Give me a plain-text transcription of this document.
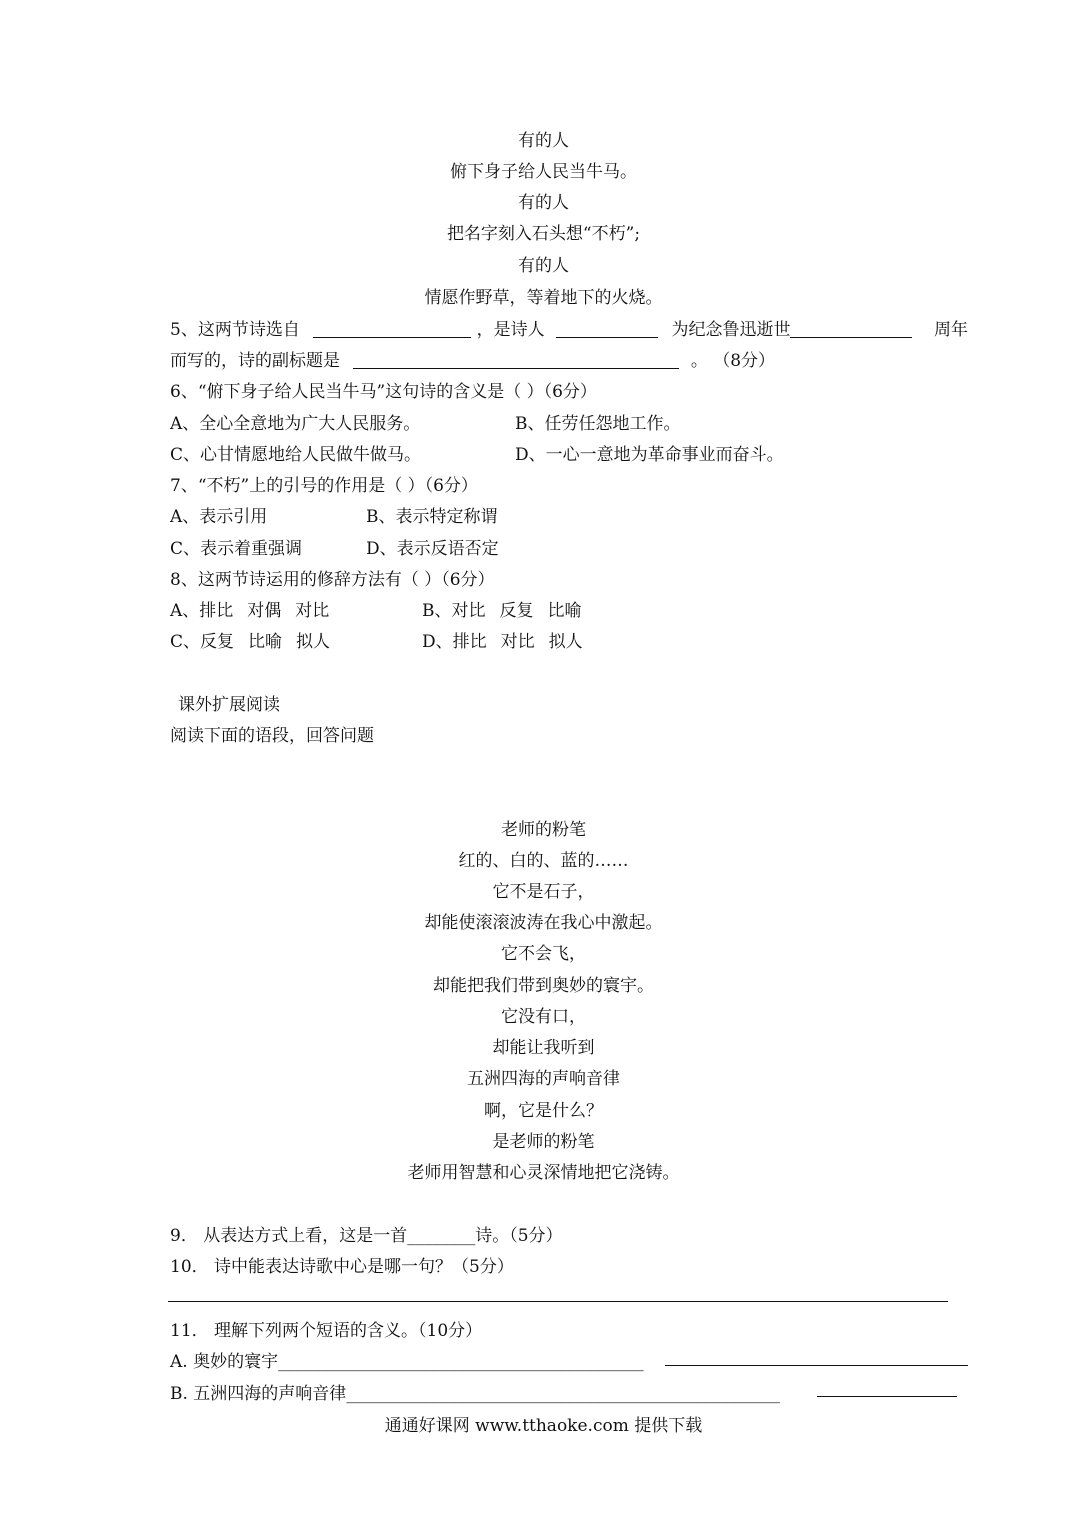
有的人
俯下身子给人民当牛马。
有的人
把名字刻入石头想“不朽”;
有的人
情愿作野草，等着地下的火烧。
5、这两节诗选自	，是诗人	为纪念鲁迅逝世	周年
而写的，诗的副标题是	。 （8分）
6、“俯下身子给人民当牛马”这句诗的含义是（ ）（6分）
A、全心全意地为广大人民服务。	B、任劳任怨地工作。
C、心甘情愿地给人民做牛做马。	D、一心一意地为革命事业而奋斗。
7、“不朽”上的引号的作用是（ ）（6分）
A、表示引用	B、表示特定称谓
C、表示着重强调	D、表示反语否定
8、这两节诗运用的修辞方法有（ ）（6分）
A、排比 对偶 对比	B、对比 反复 比喻
C、反复 比喻 拟人	D、排比 对比 拟人
课外扩展阅读
阅读下面的语段，回答问题
老师的粉笔
红的、白的、蓝的……
它不是石子，
却能使滚滚波涛在我心中激起。
它不会飞，
却能把我们带到奥妙的寰宇。
它没有口，
却能让我听到
五洲四海的声响音律
啊，它是什么？
是老师的粉笔
老师用智慧和心灵深情地把它浇铸。
9． 从表达方式上看，这是一首________诗。（5分）
10． 诗中能表达诗歌中心是哪一句？（5分）
11． 理解下列两个短语的含义。（10分）
A. 奥妙的寰宇___________________________________________
B. 五洲四海的声响音律___________________________________________________
通通好课网 www.tthaoke.com 提供下载
